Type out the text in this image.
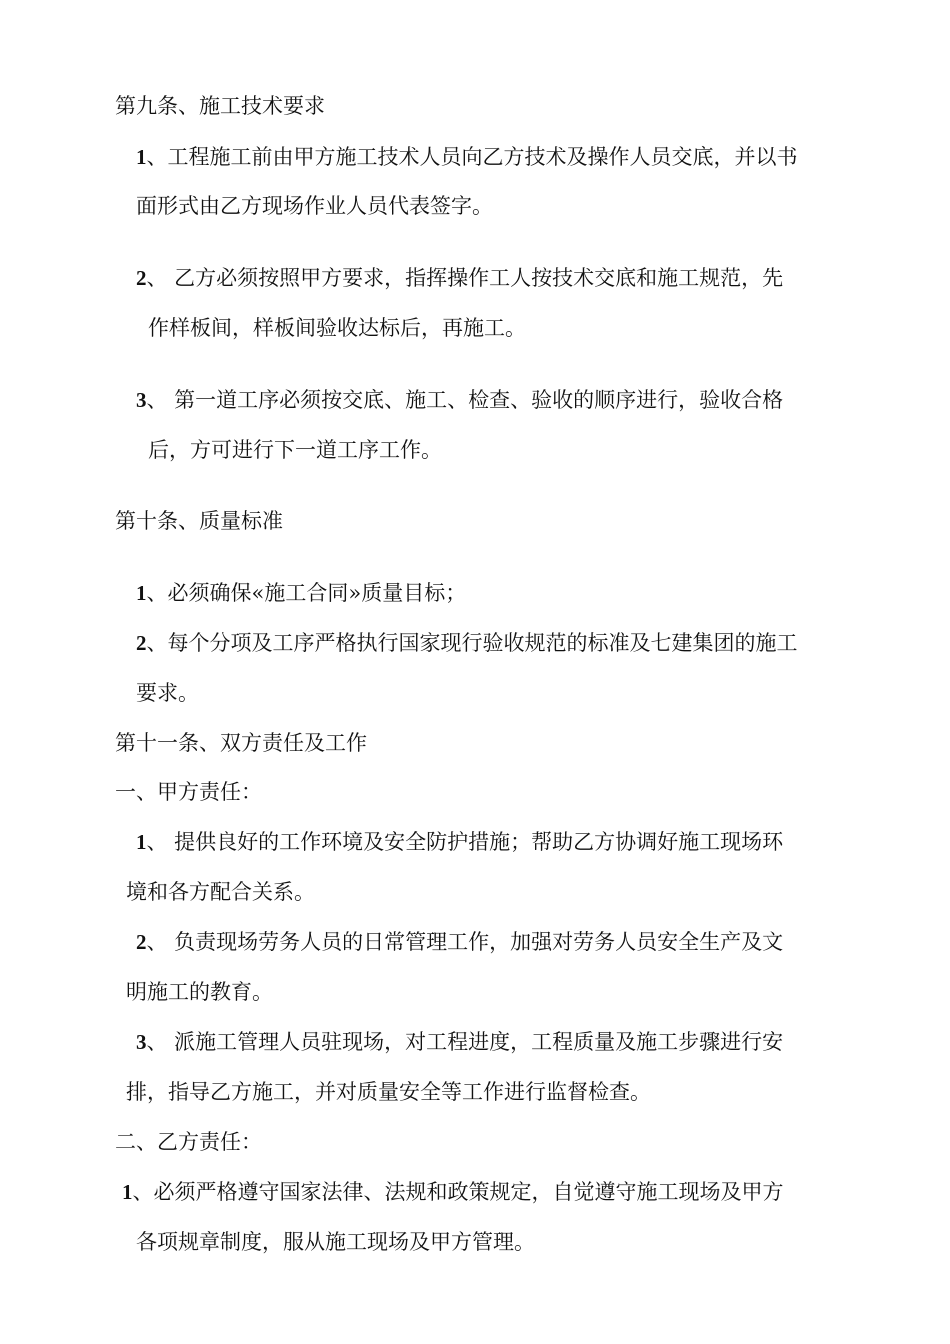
第九条、施工技术要求
1、工程施工前由甲方施工技术人员向乙方技术及操作人员交底，并以书
面形式由乙方现场作业人员代表签字。
2、 乙方必须按照甲方要求，指挥操作工人按技术交底和施工规范，先
作样板间，样板间验收达标后，再施工。
3、 第一道工序必须按交底、施工、检查、验收的顺序进行，验收合格
后，方可进行下一道工序工作。
第十条、质量标准
1、必须确保«施工合同»质量目标；
2、每个分项及工序严格执行国家现行验收规范的标准及七建集团的施工
要求。
第十一条、双方责任及工作
一、甲方责任：
1、 提供良好的工作环境及安全防护措施；帮助乙方协调好施工现场环
境和各方配合关系。
2、 负责现场劳务人员的日常管理工作，加强对劳务人员安全生产及文
明施工的教育。
3、 派施工管理人员驻现场，对工程进度，工程质量及施工步骤进行安
排，指导乙方施工，并对质量安全等工作进行监督检查。
二、乙方责任：
1、必须严格遵守国家法律、法规和政策规定，自觉遵守施工现场及甲方
各项规章制度，服从施工现场及甲方管理。
